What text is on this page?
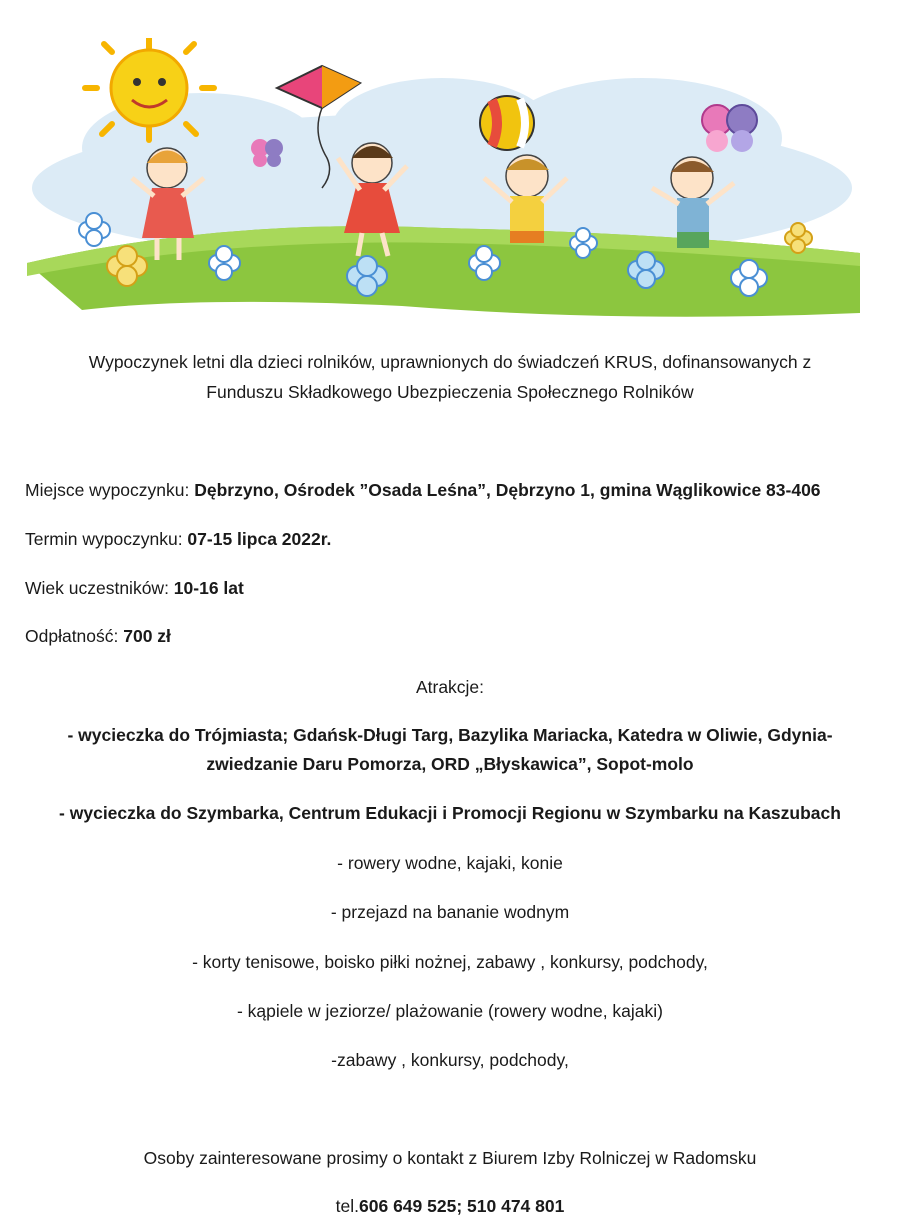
Wypoczynek letni dla dzieci rolników, uprawnionych do świadczeń KRUS, dofinansowanych z
Funduszu Składkowego Ubezpieczenia Społecznego Rolników
Miejsce wypoczynku: Dębrzyno, Ośrodek ”Osada Leśna”, Dębrzyno 1, gmina Wąglikowice 83-406
Termin wypoczynku: 07-15 lipca 2022r.
Wiek uczestników: 10-16 lat
Odpłatność: 700 zł
Atrakcje:
- wycieczka do Trójmiasta; Gdańsk-Długi Targ, Bazylika Mariacka, Katedra w Oliwie, Gdynia-
zwiedzanie Daru Pomorza, ORD „Błyskawica”, Sopot-molo
- wycieczka do Szymbarka, Centrum Edukacji i Promocji Regionu w Szymbarku na Kaszubach
- rowery wodne, kajaki, konie
- przejazd na bananie wodnym
- korty tenisowe, boisko piłki nożnej, zabawy , konkursy, podchody,
- kąpiele w jeziorze/ plażowanie (rowery wodne, kajaki)
-zabawy , konkursy, podchody,
Osoby zainteresowane prosimy o kontakt z Biurem Izby Rolniczej w Radomsku
tel.606 649 525; 510 474 801
